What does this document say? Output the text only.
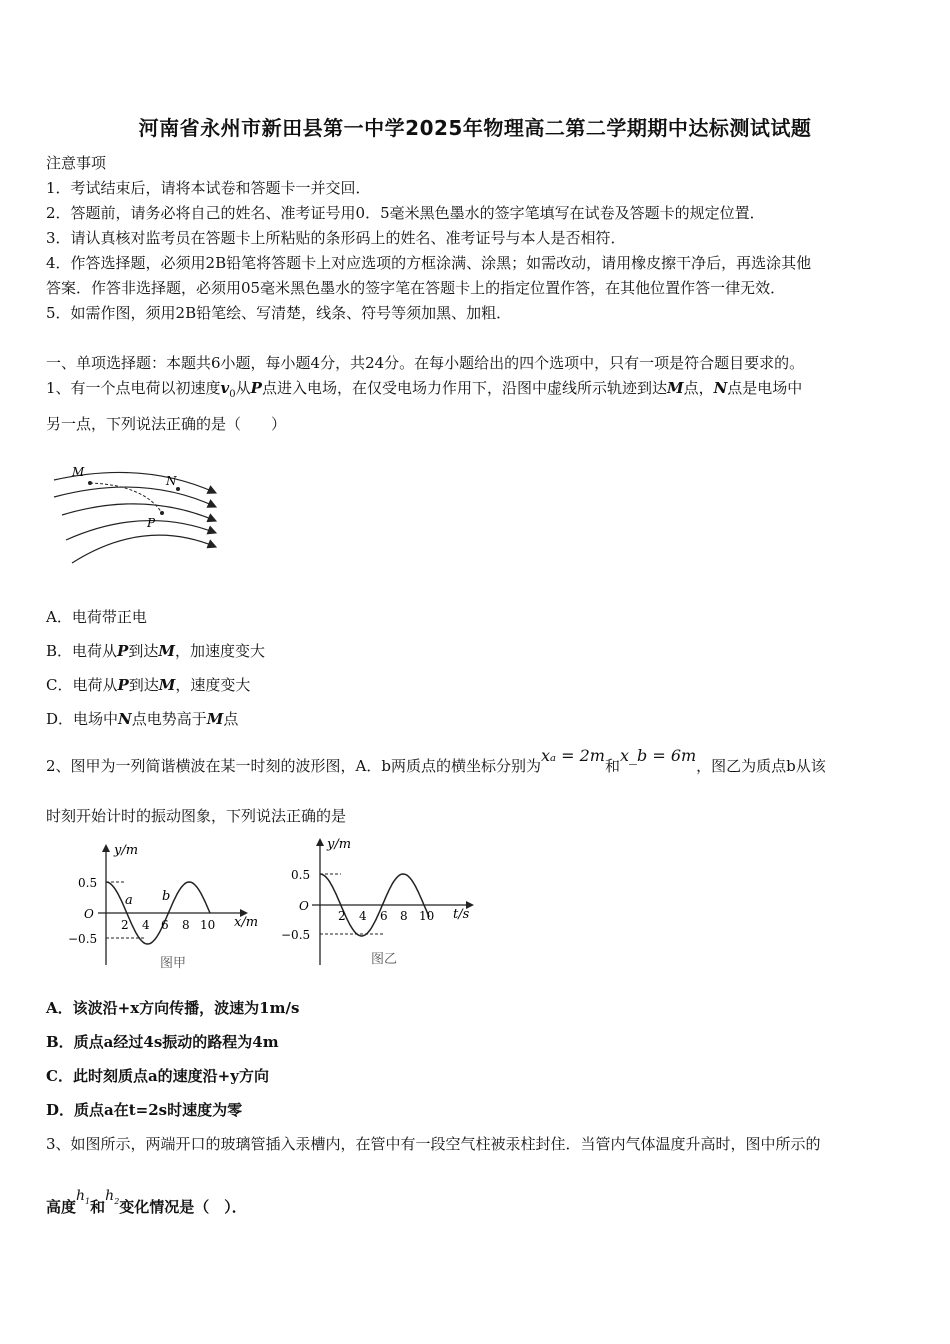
河南省永州市新田县第一中学2025年物理高二第二学期期中达标测试试题
注意事项
1．考试结束后，请将本试卷和答题卡一并交回．
2．答题前，请务必将自己的姓名、准考证号用0．5毫米黑色墨水的签字笔填写在试卷及答题卡的规定位置．
3．请认真核对监考员在答题卡上所粘贴的条形码上的姓名、准考证号与本人是否相符．
4．作答选择题，必须用2B铅笔将答题卡上对应选项的方框涂满、涂黑；如需改动，请用橡皮擦干净后，再选涂其他
答案．作答非选择题，必须用05毫米黑色墨水的签字笔在答题卡上的指定位置作答，在其他位置作答一律无效．
5．如需作图，须用2B铅笔绘、写清楚，线条、符号等须加黑、加粗．
一、单项选择题：本题共6小题，每小题4分，共24分。在每小题给出的四个选项中，只有一项是符合题目要求的。
1、有一个点电荷以初速度$v_0$从P点进入电场，在仅受电场力作用下，沿图中虚线所示轨迹到达M点，N点是电场中
另一点，下列说法正确的是（　　）
M
N
P
A．电荷带正电
B．电荷从P到达M，加速度变大
C．电荷从P到达M，速度变大
D．电场中N点电势高于M点
2、图甲为一列简谐横波在某一时刻的波形图，A．b两质点的横坐标分别为xₐ = 2m和x_b = 6m，图乙为质点b从该
时刻开始计时的振动图象，下列说法正确的是
y/m
x/m
O
0.5
−0.5
2 4 6 8 10
a b
图甲
y/m
t/s
O
0.5
−0.5
2 4 6 8 10
图乙
A．该波沿+x方向传播，波速为1m/s
B．质点a经过4s振动的路程为4m
C．此时刻质点a的速度沿+y方向
D．质点a在t=2s时速度为零
3、如图所示，两端开口的玻璃管插入汞槽内，在管中有一段空气柱被汞柱封住．当管内气体温度升高时，图中所示的
高度$h_1$和$h_2$变化情况是（　）．
